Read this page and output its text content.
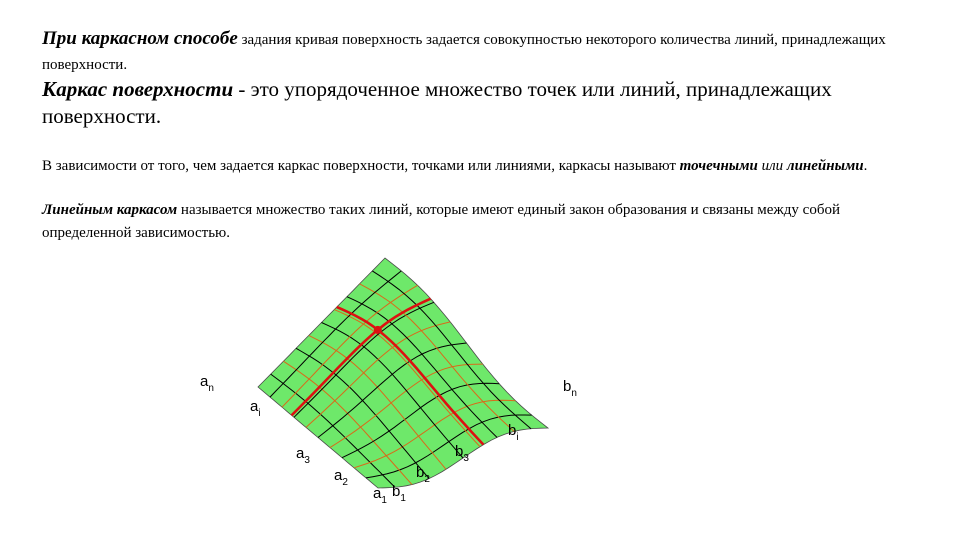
При каркасном способе задания кривая поверхность задается совокупностью некоторого количества линий, принадлежащих поверхности.
Каркас поверхности - это упорядоченное множество точек или линий, принадлежащих поверхности.
В зависимости от того, чем задается каркас поверхности, точками или линиями, каркасы называют точечными или линейными.
Линейным каркасом называется множество таких линий, которые имеют единый закон образования и связаны между собой определенной зависимостью.
$a_n$
$a_i$
$a_3$
$a_2$
$a_1$
$b_1$
$b_2$
$b_3$
$b_i$
$b_n$
